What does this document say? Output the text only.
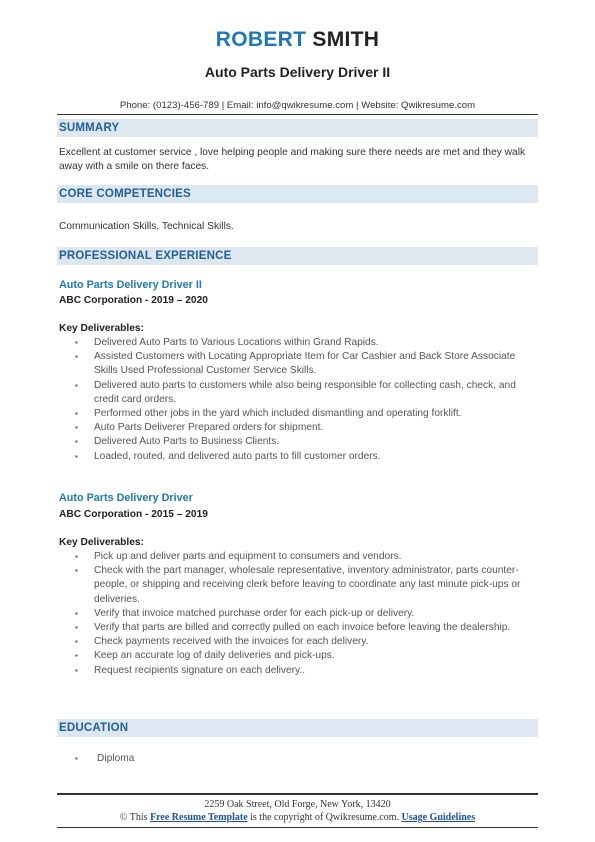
ROBERT SMITH
Auto Parts Delivery Driver II
Phone: (0123)-456-789 | Email: info@qwikresume.com | Website: Qwikresume.com
SUMMARY
Excellent at customer service , love helping people and making sure there needs are met and they walk away with a smile on there faces.
CORE COMPETENCIES
Communication Skills, Technical Skills.
PROFESSIONAL EXPERIENCE
Auto Parts Delivery Driver II
ABC Corporation - 2019 – 2020
Key Deliverables:
▪ Delivered Auto Parts to Various Locations within Grand Rapids.
▪ Assisted Customers with Locating Appropriate Item for Car Cashier and Back Store Associate Skills Used Professional Customer Service Skills.
▪ Delivered auto parts to customers while also being responsible for collecting cash, check, and credit card orders.
▪ Performed other jobs in the yard which included dismantling and operating forklift.
▪ Auto Parts Deliverer Prepared orders for shipment.
▪ Delivered Auto Parts to Business Clients.
▪ Loaded, routed, and delivered auto parts to fill customer orders.
Auto Parts Delivery Driver
ABC Corporation - 2015 – 2019
Key Deliverables:
▪ Pick up and deliver parts and equipment to consumers and vendors.
▪ Check with the part manager, wholesale representative, inventory administrator, parts counter-people, or shipping and receiving clerk before leaving to coordinate any last minute pick-ups or deliveries.
▪ Verify that invoice matched purchase order for each pick-up or delivery.
▪ Verify that parts are billed and correctly pulled on each invoice before leaving the dealership.
▪ Check payments received with the invoices for each delivery.
▪ Keep an accurate log of daily deliveries and pick-ups.
▪ Request recipients signature on each delivery..
EDUCATION
▪ Diploma
2259 Oak Street, Old Forge, New York, 13420
© This Free Resume Template is the copyright of Qwikresume.com. Usage Guidelines
